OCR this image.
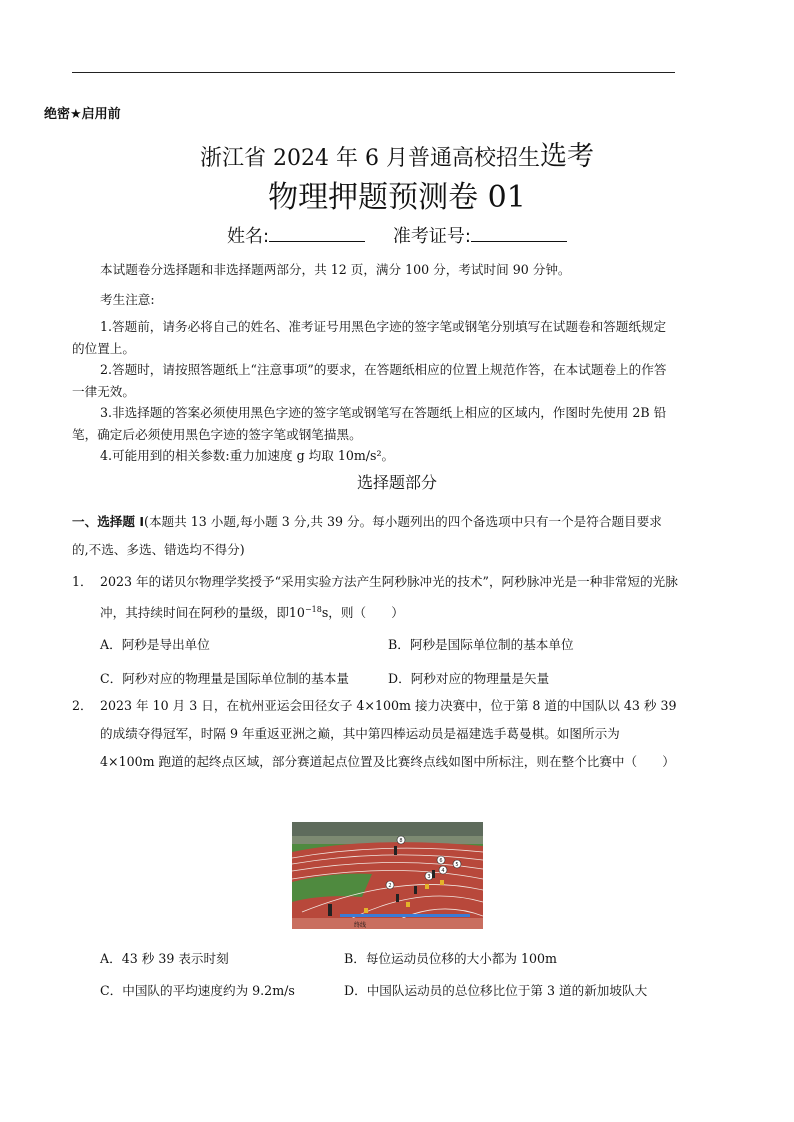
绝密★启用前
浙江省 2024 年 6 月普通高校招生选考
物理押题预测卷 01
姓名:	准考证号:
本试题卷分选择题和非选择题两部分，共 12 页，满分 100 分，考试时间 90 分钟。
考生注意:

1.答题前，请务必将自己的姓名、准考证号用黑色字迹的签字笔或钢笔分别填写在试题卷和答题纸规定的位置上。

2.答题时，请按照答题纸上“注意事项”的要求，在答题纸相应的位置上规范作答，在本试题卷上的作答一律无效。

3.非选择题的答案必须使用黑色字迹的签字笔或钢笔写在答题纸上相应的区域内，作图时先使用 2B 铅笔，确定后必须使用黑色字迹的签字笔或钢笔描黑。

4.可能用到的相关参数:重力加速度 g 均取 10m/s²。

选择题部分
一、选择题 I(本题共 13 小题,每小题 3 分,共 39 分。每小题列出的四个备选项中只有一个是符合题目要求的,不选、多选、错选均不得分)
1． 2023 年的诺贝尔物理学奖授予“采用实验方法产生阿秒脉冲光的技术”，阿秒脉冲光是一种非常短的光脉冲，其持续时间在阿秒的量级，即$10^{-18}s$，则（　　）
A．阿秒是导出单位	B．阿秒是国际单位制的基本单位
C．阿秒对应的物理量是国际单位制的基本量	D．阿秒对应的物理量是矢量
2． 2023 年 10 月 3 日，在杭州亚运会田径女子 4×100m 接力决赛中，位于第 8 道的中国队以 43 秒 39 的成绩夺得冠军，时隔 9 年重返亚洲之巅，其中第四棒运动员是福建选手葛曼棋。如图所示为 4×100m 跑道的起终点区域，部分赛道起点位置及比赛终点线如图中所标注，则在整个比赛中（　　）
8
6
5
4
3
2
终线
A．43 秒 39 表示时刻	B．每位运动员位移的大小都为 100m
C．中国队的平均速度约为 9.2m/s	D．中国队运动员的总位移比位于第 3 道的新加坡队大
